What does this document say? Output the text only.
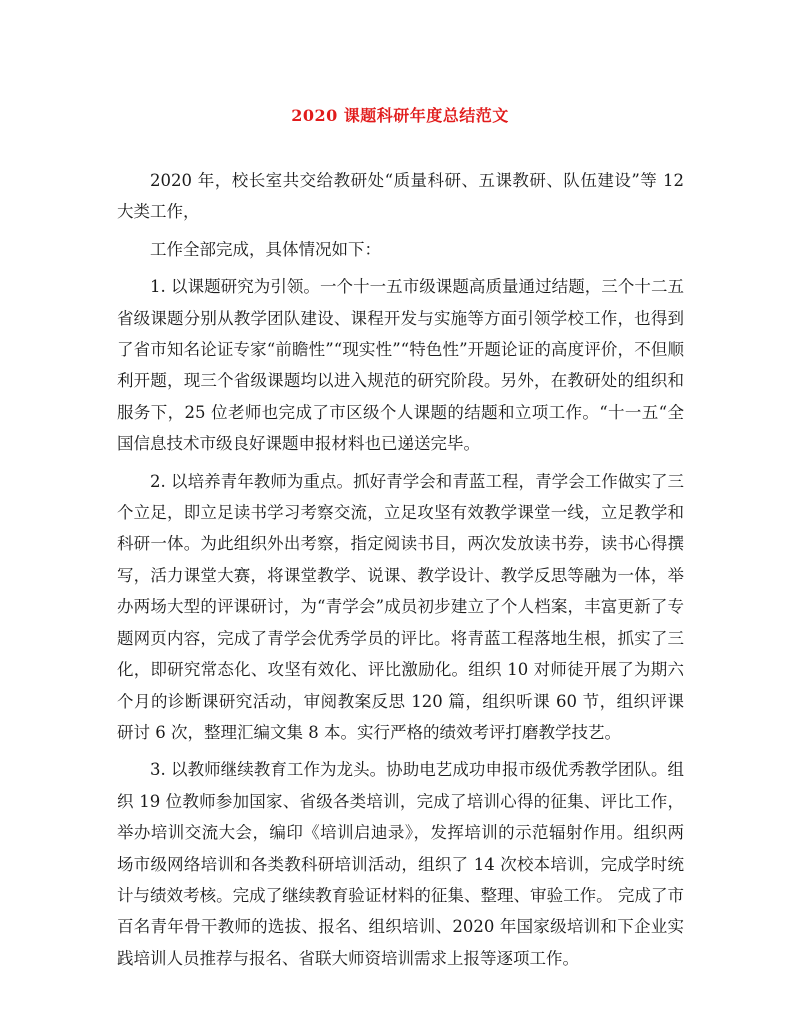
2020 课题科研年度总结范文

2020 年，校长室共交给教研处“质量科研、五课教研、队伍建设”等 12 大类工作，

工作全部完成，具体情况如下：

1. 以课题研究为引领。一个十一五市级课题高质量通过结题，三个十二五省级课题分别从教学团队建设、课程开发与实施等方面引领学校工作，也得到了省市知名论证专家“前瞻性”“现实性”“特色性”开题论证的高度评价，不但顺利开题，现三个省级课题均以进入规范的研究阶段。另外，在教研处的组织和服务下，25 位老师也完成了市区级个人课题的结题和立项工作。“十一五“全国信息技术市级良好课题申报材料也已递送完毕。

2. 以培养青年教师为重点。抓好青学会和青蓝工程，青学会工作做实了三个立足，即立足读书学习考察交流，立足攻坚有效教学课堂一线，立足教学和科研一体。为此组织外出考察，指定阅读书目，两次发放读书券，读书心得撰写，活力课堂大赛，将课堂教学、说课、教学设计、教学反思等融为一体，举办两场大型的评课研讨，为“青学会”成员初步建立了个人档案，丰富更新了专题网页内容，完成了青学会优秀学员的评比。将青蓝工程落地生根，抓实了三化，即研究常态化、攻坚有效化、评比激励化。组织 10 对师徒开展了为期六个月的诊断课研究活动，审阅教案反思 120 篇，组织听课 60 节，组织评课研讨 6 次，整理汇编文集 8 本。实行严格的绩效考评打磨教学技艺。

3. 以教师继续教育工作为龙头。协助电艺成功申报市级优秀教学团队。组织 19 位教师参加国家、省级各类培训，完成了培训心得的征集、评比工作，举办培训交流大会，编印《培训启迪录》，发挥培训的示范辐射作用。组织两场市级网络培训和各类教科研培训活动，组织了 14 次校本培训，完成学时统计与绩效考核。完成了继续教育验证材料的征集、整理、审验工作。 完成了市百名青年骨干教师的选拔、报名、组织培训、2020 年国家级培训和下企业实践培训人员推荐与报名、省联大师资培训需求上报等逐项工作。
